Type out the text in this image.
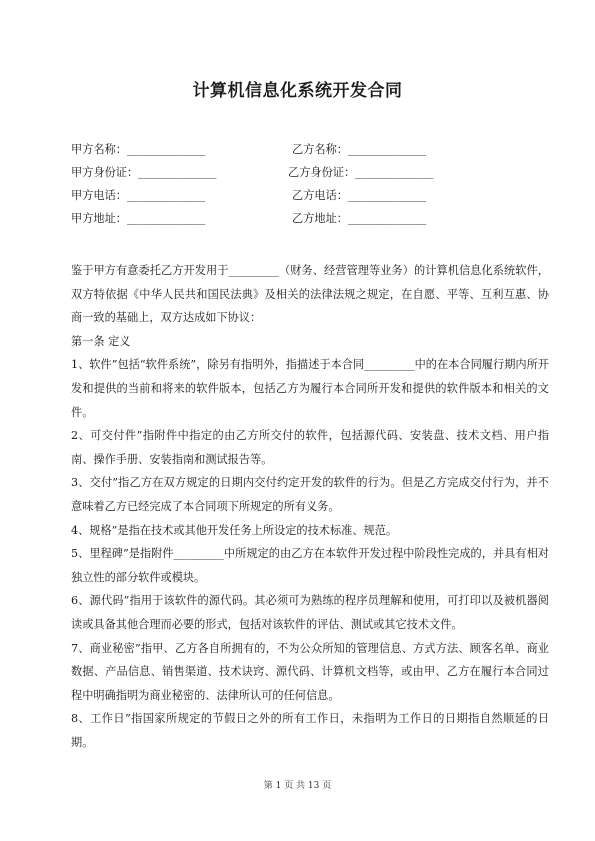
计算机信息化系统开发合同
甲方名称：______________	乙方名称：______________
甲方身份证：______________	乙方身份证：______________
甲方电话：______________	乙方电话：______________
甲方地址：______________	乙方地址：______________

鉴于甲方有意委托乙方开发用于_________（财务、经营管理等业务）的计算机信息化系统软件，双方特依据《中华人民共和国民法典》及相关的法律法规之规定，在自愿、平等、互利互惠、协商一致的基础上，双方达成如下协议：

第一条 定义

1、软件”包括“软件系统”，除另有指明外，指描述于本合同_________中的在本合同履行期内所开发和提供的当前和将来的软件版本，包括乙方为履行本合同所开发和提供的软件版本和相关的文件。

2、可交付件”指附件中指定的由乙方所交付的软件，包括源代码、安装盘、技术文档、用户指南、操作手册、安装指南和测试报告等。

3、交付”指乙方在双方规定的日期内交付约定开发的软件的行为。但是乙方完成交付行为，并不意味着乙方已经完成了本合同项下所规定的所有义务。

4、规格”是指在技术或其他开发任务上所设定的技术标准、规范。

5、里程碑”是指附件_________中所规定的由乙方在本软件开发过程中阶段性完成的，并具有相对独立性的部分软件或模块。

6、源代码”指用于该软件的源代码。其必须可为熟练的程序员理解和使用，可打印以及被机器阅读或具备其他合理而必要的形式，包括对该软件的评估、测试或其它技术文件。

7、商业秘密”指甲、乙方各自所拥有的，不为公众所知的管理信息、方式方法、顾客名单、商业数据、产品信息、销售渠道、技术诀窍、源代码、计算机文档等，或由甲、乙方在履行本合同过程中明确指明为商业秘密的、法律所认可的任何信息。

8、工作日”指国家所规定的节假日之外的所有工作日，未指明为工作日的日期指自然顺延的日期。

第 1 页 共 13 页
